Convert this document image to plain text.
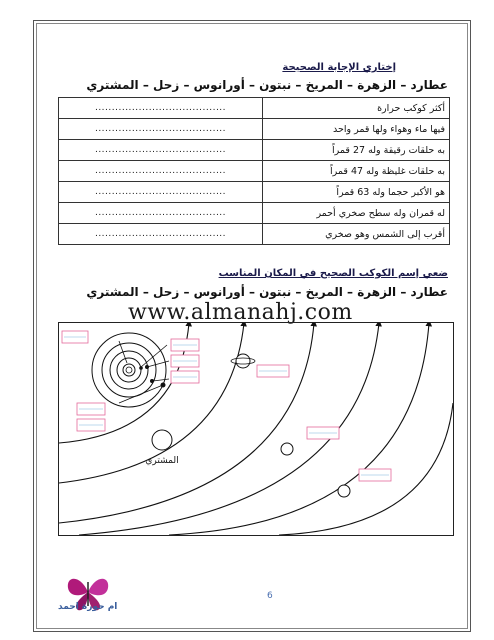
إختاري الإجابة الصحيحة
عطارد – الزهرة – المريخ – نبتون – أورانوس – زحل – المشتري
أكثر كوكب حرارة	.......................................
فيها ماء وهواء ولها قمر واحد	.......................................
به حلقات رقيقة وله 27 قمراً	.......................................
به حلقات غليظة وله 47 قمراً	.......................................
هو الأكبر حجما وله 63 قمراً	.......................................
له قمران وله سطح صخري أحمر	.......................................
أقرب إلى الشمس وهو صخري	.......................................
ضعي إسم الكوكب الصحيح في المكان المناسب
عطارد – الزهرة – المريخ – نبتون – أورانوس – زحل – المشتري
www.almanahj.com
المشتري
ام حورة احمد
6
